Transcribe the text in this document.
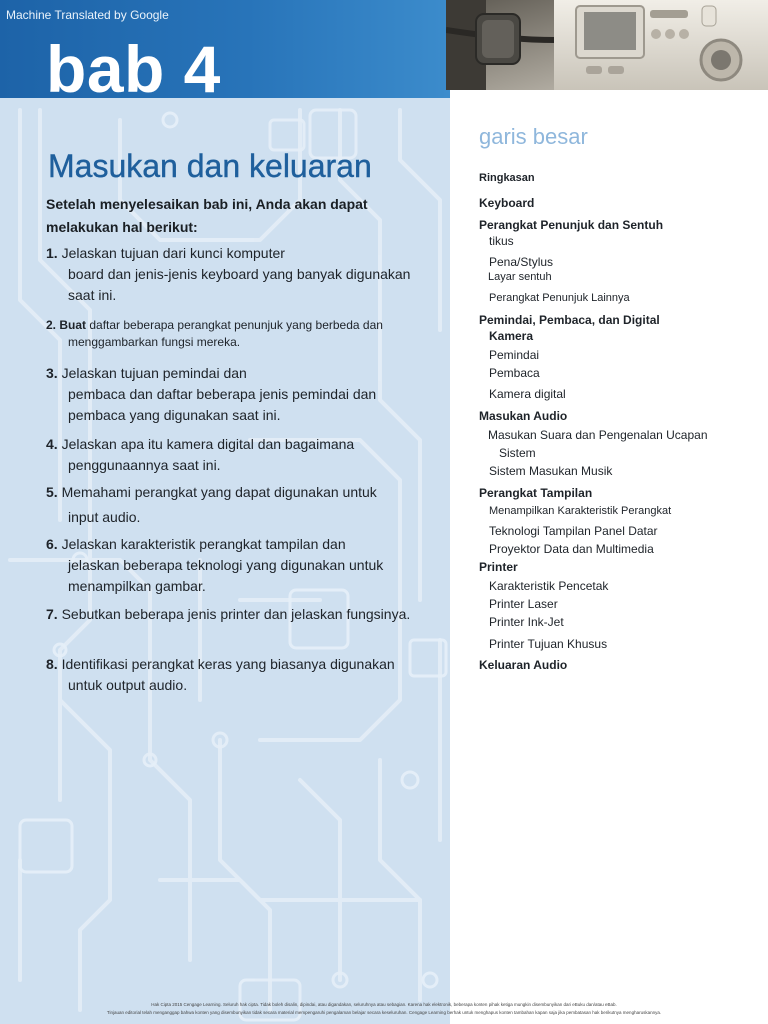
Machine Translated by Google
bab 4
Masukan dan keluaran

Setelah menyelesaikan bab ini, Anda akan dapat melakukan hal berikut:

1. Jelaskan tujuan dari kunci komputer
board dan jenis-jenis keyboard yang banyak digunakan
saat ini.
2. Buat daftar beberapa perangkat penunjuk yang berbeda dan
menggambarkan fungsi mereka.
3. Jelaskan tujuan pemindai dan
pembaca dan daftar beberapa jenis pemindai dan
pembaca yang digunakan saat ini.
4. Jelaskan apa itu kamera digital dan bagaimana
penggunaannya saat ini.
5. Memahami perangkat yang dapat digunakan untuk
input audio.
6. Jelaskan karakteristik perangkat tampilan dan
jelaskan beberapa teknologi yang digunakan untuk
menampilkan gambar.
7. Sebutkan beberapa jenis printer dan jelaskan fungsinya.
8. Identifikasi perangkat keras yang biasanya digunakan
untuk output audio.
garis besar
Ringkasan
Keyboard
Perangkat Penunjuk dan Sentuh
tikus
Pena/Stylus
Layar sentuh
Perangkat Penunjuk Lainnya
Pemindai, Pembaca, dan Digital
Kamera
Pemindai
Pembaca
Kamera digital
Masukan Audio
Masukan Suara dan Pengenalan Ucapan
Sistem
Sistem Masukan Musik
Perangkat Tampilan
Menampilkan Karakteristik Perangkat
Teknologi Tampilan Panel Datar
Proyektor Data dan Multimedia
Printer
Karakteristik Pencetak
Printer Laser
Printer Ink-Jet
Printer Tujuan Khusus
Keluaran Audio
Hak Cipta 2015 Cengage Learning. Seluruh hak cipta. Tidak boleh disalin, dipindai, atau digandakan, seluruhnya atau sebagian. Karena hak elektronik, beberapa konten pihak ketiga mungkin disembunyikan dari eBuku dan/atau eBab.
Tinjauan editorial telah menganggap bahwa konten yang disembunyikan tidak secara material mempengaruhi pengalaman belajar secara keseluruhan. Cengage Learning berhak untuk menghapus konten tambahan kapan saja jika pembatasan hak berikutnya mengharuskannya.
